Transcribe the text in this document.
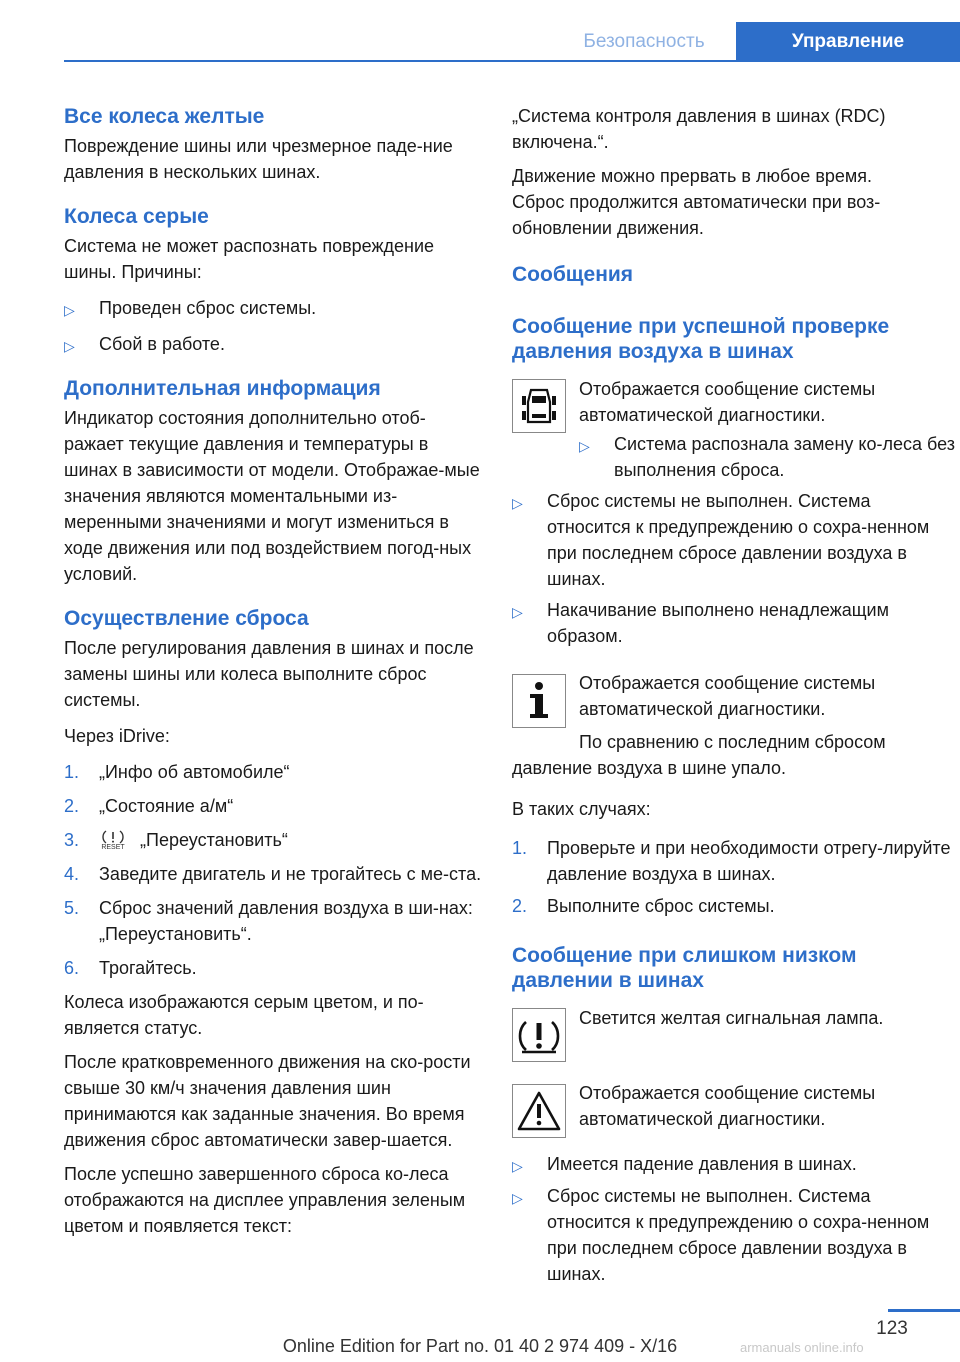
Безопасность	Управление
Все колеса желтые
Повреждение шины или чрезмерное паде-ние давления в нескольких шинах.
Колеса серые
Система не может распознать повреждение шины. Причины:
▷ Проведен сброс системы.
▷ Сбой в работе.
Дополнительная информация
Индикатор состояния дополнительно отоб-ражает текущие давления и температуры в шинах в зависимости от модели. Отображае-мые значения являются моментальными из-меренными значениями и могут измениться в ходе движения или под воздействием погод-ных условий.
Осуществление сброса
После регулирования давления в шинах и после замены шины или колеса выполните сброс системы.
Через iDrive:
1. „Инфо об автомобиле“
2. „Состояние а/м“
3.	RESET „Переустановить“
4. Заведите двигатель и не трогайтесь с ме-ста.
5. Сброс значений давления воздуха в ши-нах: „Переустановить“.
6. Трогайтесь.
Колеса изображаются серым цветом, и по-является статус.
После кратковременного движения на ско-рости свыше 30 км/ч значения давления шин принимаются как заданные значения. Во время движения сброс автоматически завер-шается.
После успешно завершенного сброса ко-леса отображаются на дисплее управления зеленым цветом и появляется текст:
„Система контроля давления в шинах (RDC) включена.“.
Движение можно прервать в любое время. Сброс продолжится автоматически при воз-обновлении движения.
Сообщения
Сообщение при успешной проверке давления воздуха в шинах
Отображается сообщение системы автоматической диагностики.
▷ Система распознала замену ко-леса без выполнения сброса.
▷ Сброс системы не выполнен. Система относится к предупреждению о сохра-ненном при последнем сбросе давлении воздуха в шинах.
▷ Накачивание выполнено ненадлежащим образом.
Отображается сообщение системы автоматической диагностики.
По сравнению с последним сбросом давление воздуха в шине упало.
В таких случаях:
1. Проверьте и при необходимости отрегу-лируйте давление воздуха в шинах.
2. Выполните сброс системы.
Сообщение при слишком низком давлении в шинах
Светится желтая сигнальная лампа.
Отображается сообщение системы автоматической диагностики.
▷ Имеется падение давления в шинах.
▷ Сброс системы не выполнен. Система относится к предупреждению о сохра-ненном при последнем сбросе давлении воздуха в шинах.
123
Online Edition for Part no. 01 40 2 974 409 - X/16	armanuals online.info
